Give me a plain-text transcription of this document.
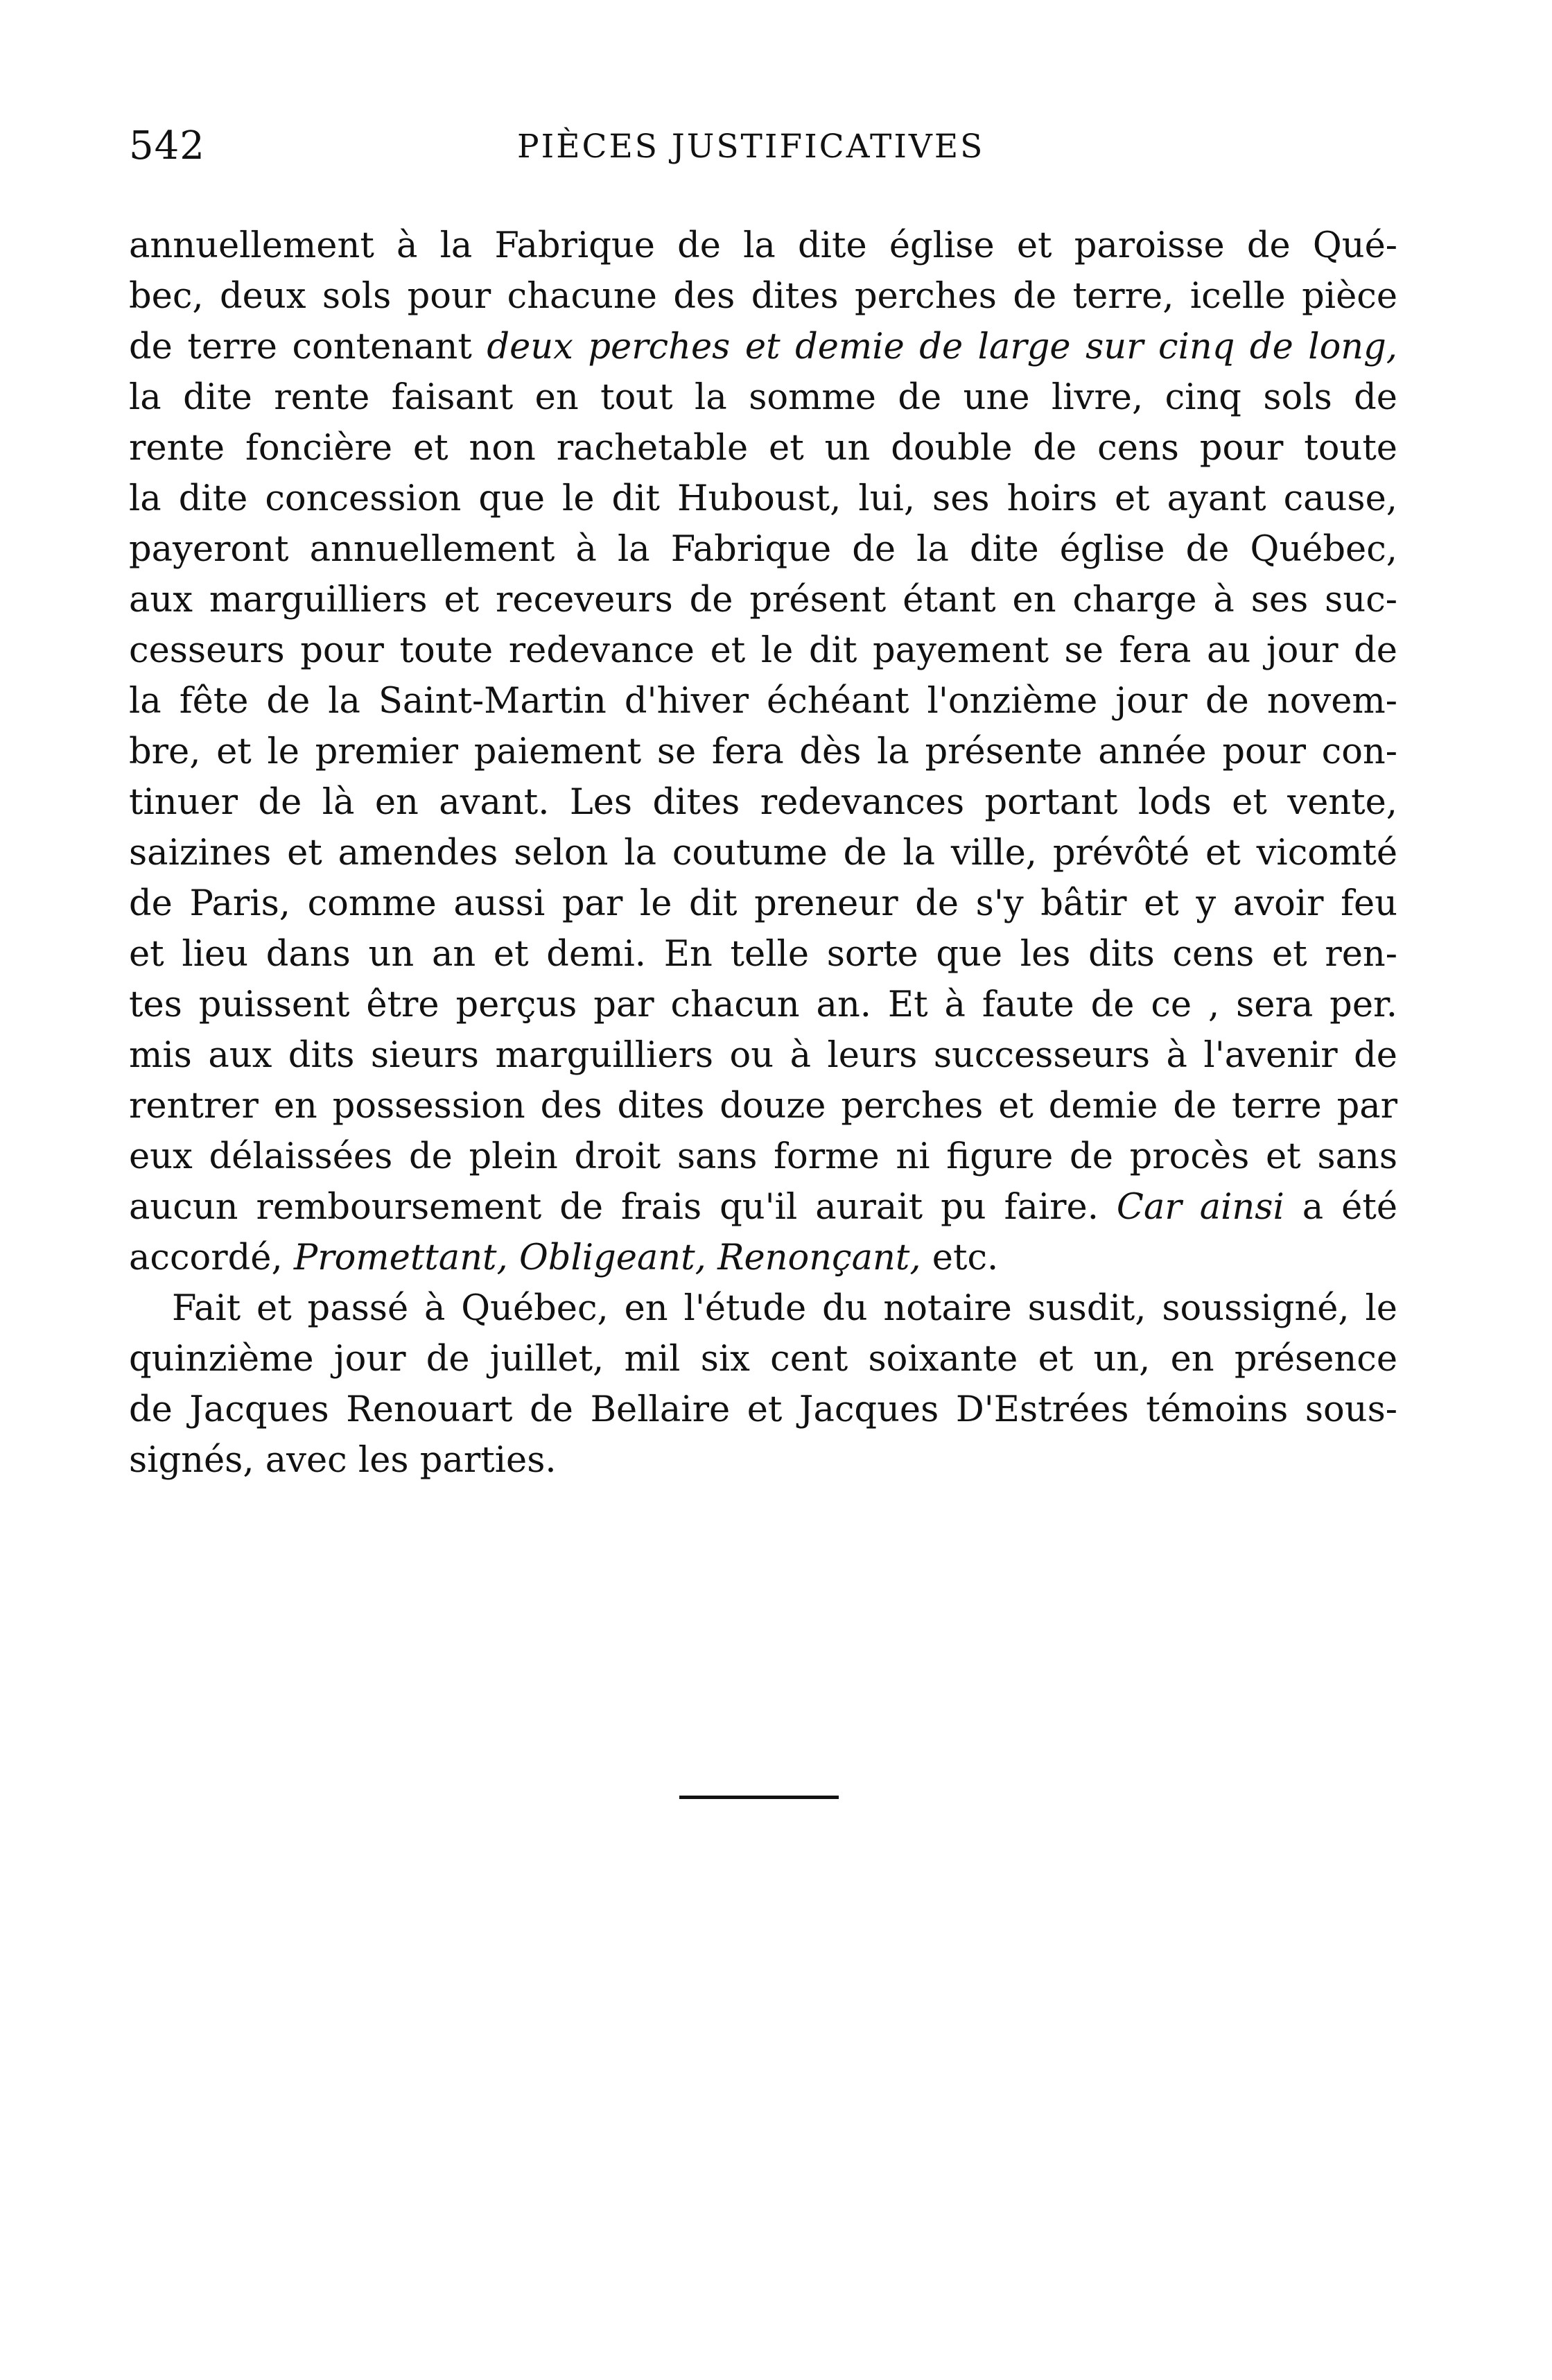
542	PIÈCES JUSTIFICATIVES
annuellement à la Fabrique de la dite église et paroisse de Qué-
bec, deux sols pour chacune des dites perches de terre, icelle pièce
de terre contenant deux perches et demie de large sur cinq de long,
la dite rente faisant en tout la somme de une livre, cinq sols de
rente foncière et non rachetable et un double de cens pour toute
la dite concession que le dit Huboust, lui, ses hoirs et ayant cause,
payeront annuellement à la Fabrique de la dite église de Québec,
aux marguilliers et receveurs de présent étant en charge à ses suc-
cesseurs pour toute redevance et le dit payement se fera au jour de
la fête de la Saint-Martin d'hiver échéant l'onzième jour de novem-
bre, et le premier paiement se fera dès la présente année pour con-
tinuer de là en avant. Les dites redevances portant lods et vente,
saizines et amendes selon la coutume de la ville, prévôté et vicomté
de Paris, comme aussi par le dit preneur de s'y bâtir et y avoir feu
et lieu dans un an et demi. En telle sorte que les dits cens et ren-
tes puissent être perçus par chacun an. Et à faute de ce , sera per.
mis aux dits sieurs marguilliers ou à leurs successeurs à l'avenir de
rentrer en possession des dites douze perches et demie de terre par
eux délaissées de plein droit sans forme ni figure de procès et sans
aucun remboursement de frais qu'il aurait pu faire. Car ainsi a été
accordé, Promettant, Obligeant, Renonçant, etc.
Fait et passé à Québec, en l'étude du notaire susdit, soussigné, le
quinzième jour de juillet, mil six cent soixante et un, en présence
de Jacques Renouart de Bellaire et Jacques D'Estrées témoins sous-
signés, avec les parties.
